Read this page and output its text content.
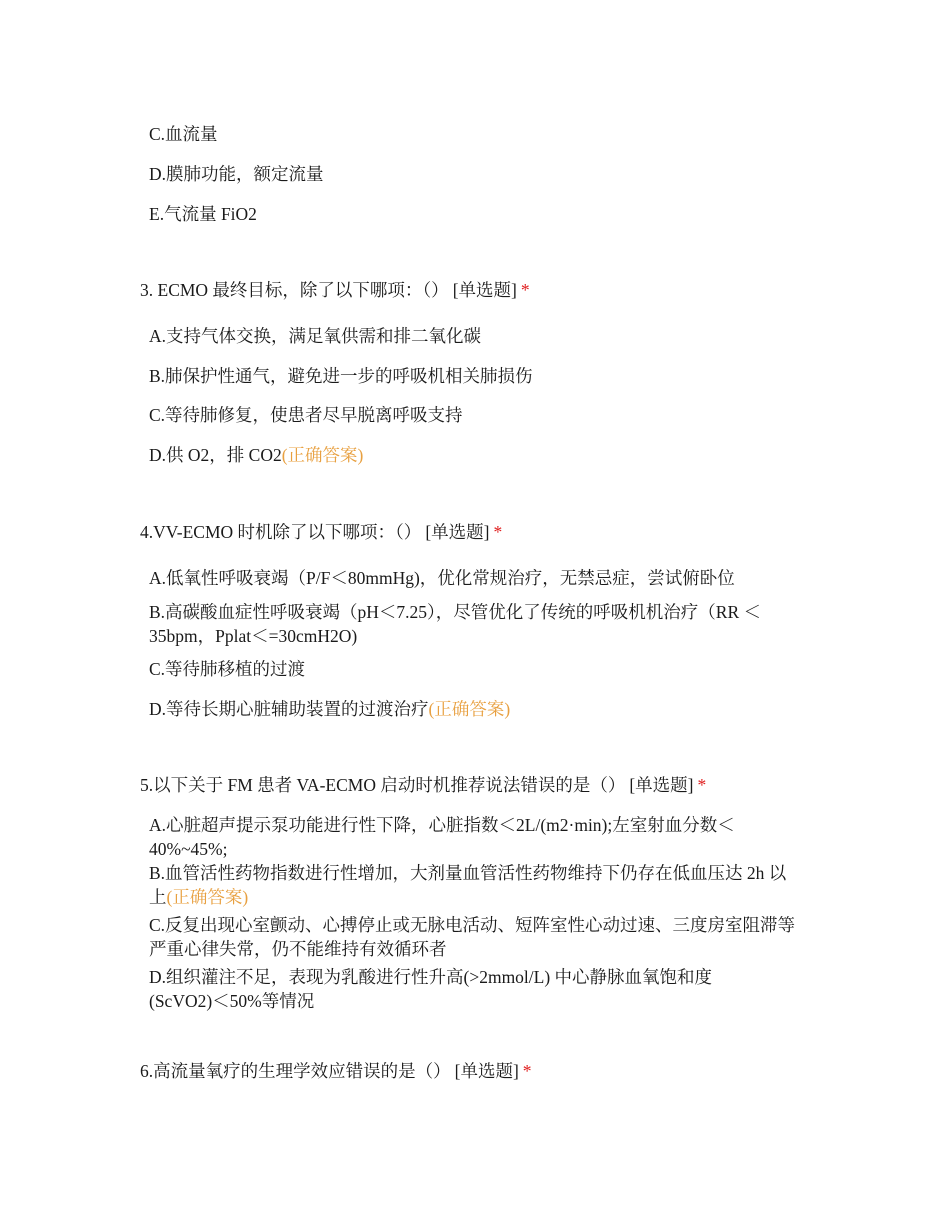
C.血流量
D.膜肺功能，额定流量
E.气流量 FiO2
3. ECMO 最终目标，除了以下哪项：（） [单选题] *
A.支持气体交换，满足氧供需和排二氧化碳
B.肺保护性通气，避免进一步的呼吸机相关肺损伤
C.等待肺修复，使患者尽早脱离呼吸支持
D.供 O2，排 CO2(正确答案)
4.VV-ECMO 时机除了以下哪项：（） [单选题] *
A.低氧性呼吸衰竭（P/F＜80mmHg)，优化常规治疗，无禁忌症，尝试俯卧位
B.高碳酸血症性呼吸衰竭（pH＜7.25），尽管优化了传统的呼吸机机治疗（RR ＜35bpm，Pplat＜=30cmH2O)
C.等待肺移植的过渡
D.等待长期心脏辅助装置的过渡治疗(正确答案)
5.以下关于 FM 患者 VA-ECMO 启动时机推荐说法错误的是（） [单选题] *
A.心脏超声提示泵功能进行性下降，心脏指数＜2L/(m2·min);左室射血分数＜ 40%~45%;
B.血管活性药物指数进行性增加，大剂量血管活性药物维持下仍存在低血压达 2h 以上(正确答案)
C.反复出现心室颤动、心搏停止或无脉电活动、短阵室性心动过速、三度房室阻滞等严重心律失常，仍不能维持有效循环者
D.组织灌注不足，表现为乳酸进行性升高(>2mmol/L) 中心静脉血氧饱和度 (ScVO2)＜50%等情况
6.高流量氧疗的生理学效应错误的是（） [单选题] *
